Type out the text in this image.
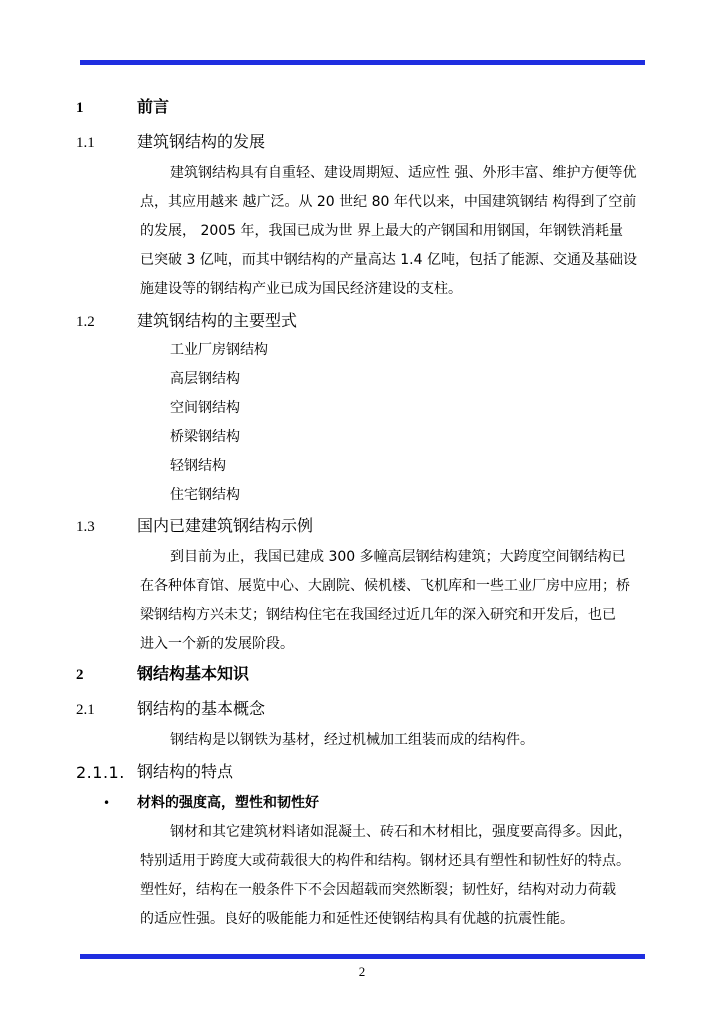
1	前言
1.1	建筑钢结构的发展
建筑钢结构具有自重轻、建设周期短、适应性 强、外形丰富、维护方便等优
点，其应用越来 越广泛。从 20 世纪 80 年代以来，中国建筑钢结 构得到了空前
的发展， 2005 年，我国已成为世 界上最大的产钢国和用钢国，年钢铁消耗量
已突破 3 亿吨，而其中钢结构的产量高达 1.4 亿吨，包括了能源、交通及基础设
施建设等的钢结构产业已成为国民经济建设的支柱。
1.2	建筑钢结构的主要型式
工业厂房钢结构
高层钢结构
空间钢结构
桥梁钢结构
轻钢结构
住宅钢结构
1.3	国内已建建筑钢结构示例
到目前为止，我国已建成 300 多幢高层钢结构建筑；大跨度空间钢结构已
在各种体育馆、展览中心、大剧院、候机楼、飞机库和一些工业厂房中应用；桥
梁钢结构方兴未艾；钢结构住宅在我国经过近几年的深入研究和开发后，也已
进入一个新的发展阶段。
2	钢结构基本知识
2.1	钢结构的基本概念
钢结构是以钢铁为基材，经过机械加工组装而成的结构件。
2.1.1. 钢结构的特点
• 材料的强度高，塑性和韧性好
钢材和其它建筑材料诸如混凝土、砖石和木材相比，强度要高得多。因此，
特别适用于跨度大或荷载很大的构件和结构。钢材还具有塑性和韧性好的特点。
塑性好，结构在一般条件下不会因超载而突然断裂；韧性好，结构对动力荷载
的适应性强。良好的吸能能力和延性还使钢结构具有优越的抗震性能。
2
